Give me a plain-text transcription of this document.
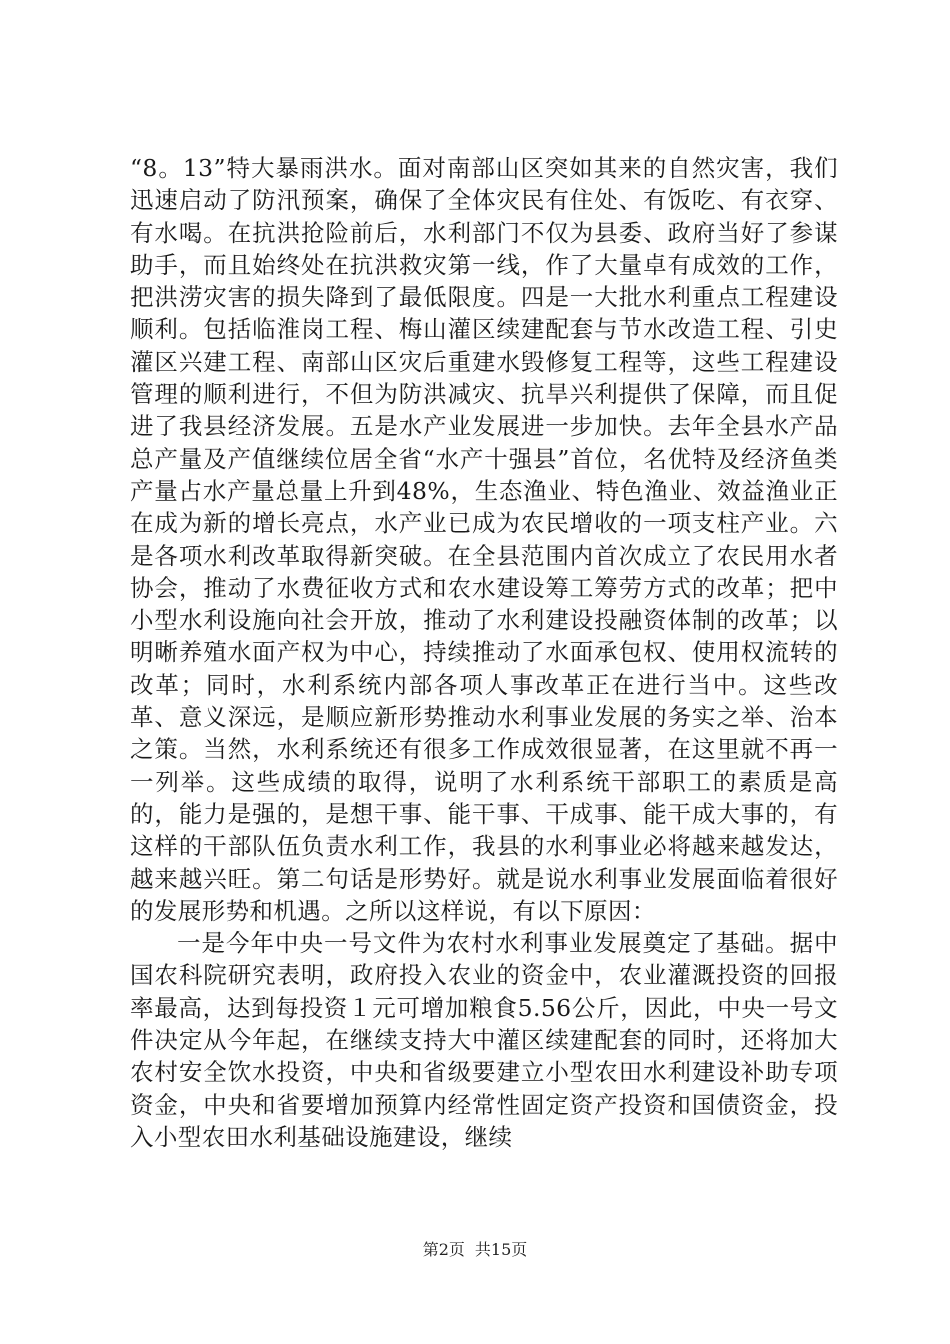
“8。13”特大暴雨洪水。面对南部山区突如其来的自然灾害，我们迅速启动了防汛预案，确保了全体灾民有住处、有饭吃、有衣穿、有水喝。在抗洪抢险前后，水利部门不仅为县委、政府当好了参谋助手，而且始终处在抗洪救灾第一线，作了大量卓有成效的工作，把洪涝灾害的损失降到了最低限度。四是一大批水利重点工程建设顺利。包括临淮岗工程、梅山灌区续建配套与节水改造工程、引史灌区兴建工程、南部山区灾后重建水毁修复工程等，这些工程建设管理的顺利进行，不但为防洪减灾、抗旱兴利提供了保障，而且促进了我县经济发展。五是水产业发展进一步加快。去年全县水产品总产量及产值继续位居全省“水产十强县”首位，名优特及经济鱼类产量占水产量总量上升到48%，生态渔业、特色渔业、效益渔业正在成为新的增长亮点，水产业已成为农民增收的一项支柱产业。六是各项水利改革取得新突破。在全县范围内首次成立了农民用水者协会，推动了水费征收方式和农水建设筹工筹劳方式的改革；把中小型水利设施向社会开放，推动了水利建设投融资体制的改革；以明晰养殖水面产权为中心，持续推动了水面承包权、使用权流转的改革；同时，水利系统内部各项人事改革正在进行当中。这些改革、意义深远，是顺应新形势推动水利事业发展的务实之举、治本之策。当然，水利系统还有很多工作成效很显著，在这里就不再一一列举。这些成绩的取得，说明了水利系统干部职工的素质是高的，能力是强的，是想干事、能干事、干成事、能干成大事的，有这样的干部队伍负责水利工作，我县的水利事业必将越来越发达，越来越兴旺。第二句话是形势好。就是说水利事业发展面临着很好的发展形势和机遇。之所以这样说，有以下原因：

一是今年中央一号文件为农村水利事业发展奠定了基础。据中国农科院研究表明，政府投入农业的资金中，农业灌溉投资的回报率最高，达到每投资１元可增加粮食5.56公斤，因此，中央一号文件决定从今年起，在继续支持大中灌区续建配套的同时，还将加大农村安全饮水投资，中央和省级要建立小型农田水利建设补助专项资金，中央和省要增加预算内经常性固定资产投资和国债资金，投入小型农田水利基础设施建设，继续

第2页 共15页
